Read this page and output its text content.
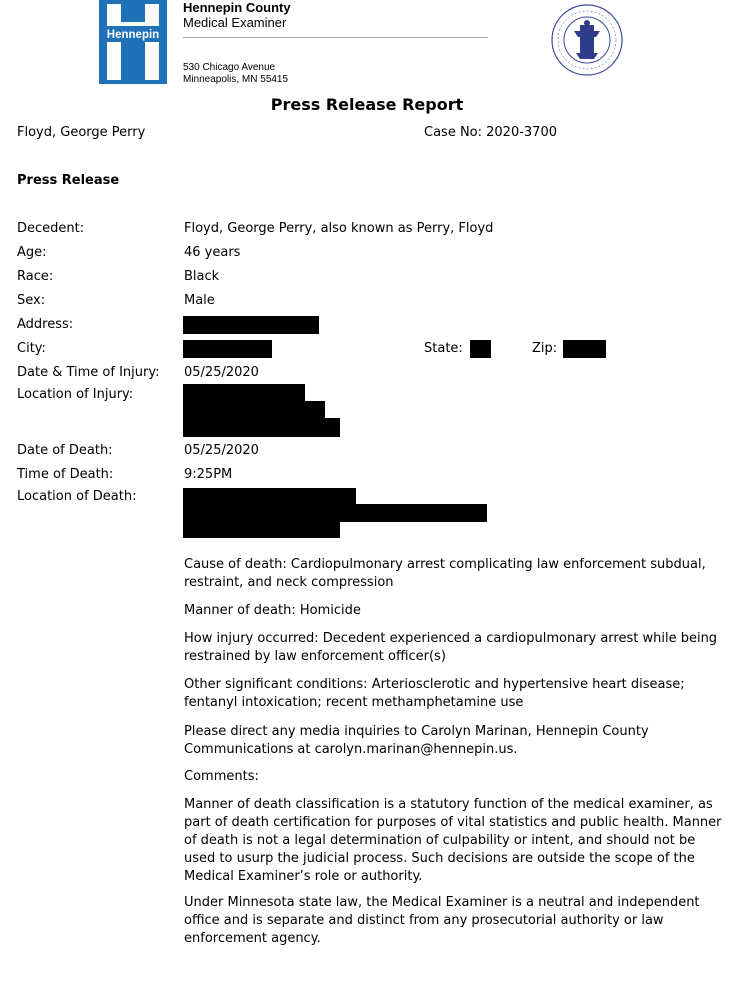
Hennepin
Hennepin County
Medical Examiner
530 Chicago Avenue
Minneapolis, MN 55415
Press Release Report
Floyd, George Perry	Case No: 2020-3700
Press Release
Decedent:	Floyd, George Perry, also known as Perry, Floyd
Age:	46 years
Race:	Black
Sex:	Male
Address:
City:	State:	Zip:
Date & Time of Injury: 05/25/2020
Location of Injury:
Date of Death:	05/25/2020
Time of Death:	9:25PM
Location of Death:
Cause of death: Cardiopulmonary arrest complicating law enforcement subdual, restraint, and neck compression
Manner of death: Homicide
How injury occurred: Decedent experienced a cardiopulmonary arrest while being restrained by law enforcement officer(s)
Other significant conditions: Arteriosclerotic and hypertensive heart disease; fentanyl intoxication; recent methamphetamine use
Please direct any media inquiries to Carolyn Marinan, Hennepin County Communications at carolyn.marinan@hennepin.us.
Comments:
Manner of death classification is a statutory function of the medical examiner, as part of death certification for purposes of vital statistics and public health. Manner of death is not a legal determination of culpability or intent, and should not be used to usurp the judicial process. Such decisions are outside the scope of the Medical Examiner’s role or authority.
Under Minnesota state law, the Medical Examiner is a neutral and independent office and is separate and distinct from any prosecutorial authority or law enforcement agency.
